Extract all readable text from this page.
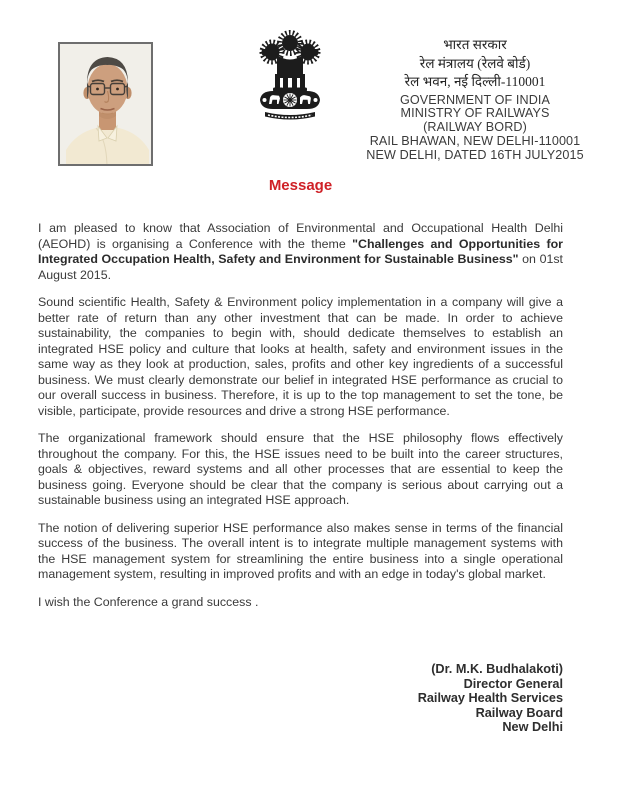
भारत सरकार
रेल मंत्रालय (रेलवे बोर्ड)
रेल भवन, नई दिल्ली-110001
GOVERNMENT OF INDIA
MINISTRY OF RAILWAYS
(RAILWAY BORD)
RAIL BHAWAN, NEW DELHI-110001
NEW DELHI, DATED 16TH JULY2015
Message

I am pleased to know that Association of Environmental and Occupational Health Delhi (AEOHD) is organising a Conference with the theme "Challenges and Opportunities for Integrated Occupation Health, Safety and Environment for Sustainable Business" on 01st August 2015.

Sound scientific Health, Safety & Environment policy implementation in a company will give a better rate of return than any other investment that can be made. In order to achieve sustainability, the companies to begin with, should dedicate themselves to establish an integrated HSE policy and culture that looks at health, safety and environment issues in the same way as they look at production, sales, profits and other key ingredients of a successful business. We must clearly demonstrate our belief in integrated HSE performance as crucial to our overall success in business. Therefore, it is up to the top management to set the tone, be visible, participate, provide resources and drive a strong HSE performance.

The organizational framework should ensure that the HSE philosophy flows effectively throughout the company. For this, the HSE issues need to be built into the career structures, goals & objectives, reward systems and all other processes that are essential to keep the business going. Everyone should be clear that the company is serious about carrying out a sustainable business using an integrated HSE approach.

The notion of delivering superior HSE performance also makes sense in terms of the financial success of the business. The overall intent is to integrate multiple management systems with the HSE management system for streamlining the entire business into a single operational management system, resulting in improved profits and with an edge in today's global market.

I wish the Conference a grand success .

(Dr. M.K. Budhalakoti)
Director General
Railway Health Services
Railway Board
New Delhi
